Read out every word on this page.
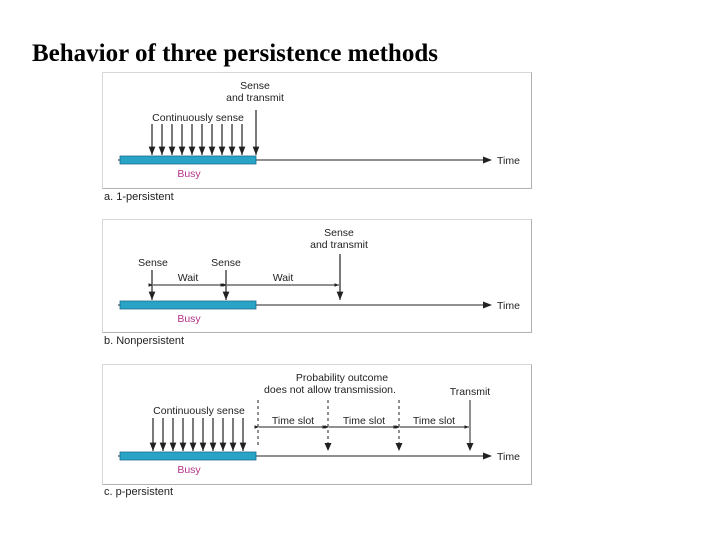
Behavior of three persistence methods
a. 1-persistent
b. Nonpersistent
c. p-persistent
Sense
and transmit
Continuously sense
Busy
Time
Sense	Sense
Wait	Wait
Sense
and transmit
Busy
Time
Probability outcome
does not allow transmission.	Transmit
Continuously sense
Time slot	Time slot	Time slot
Busy
Time
